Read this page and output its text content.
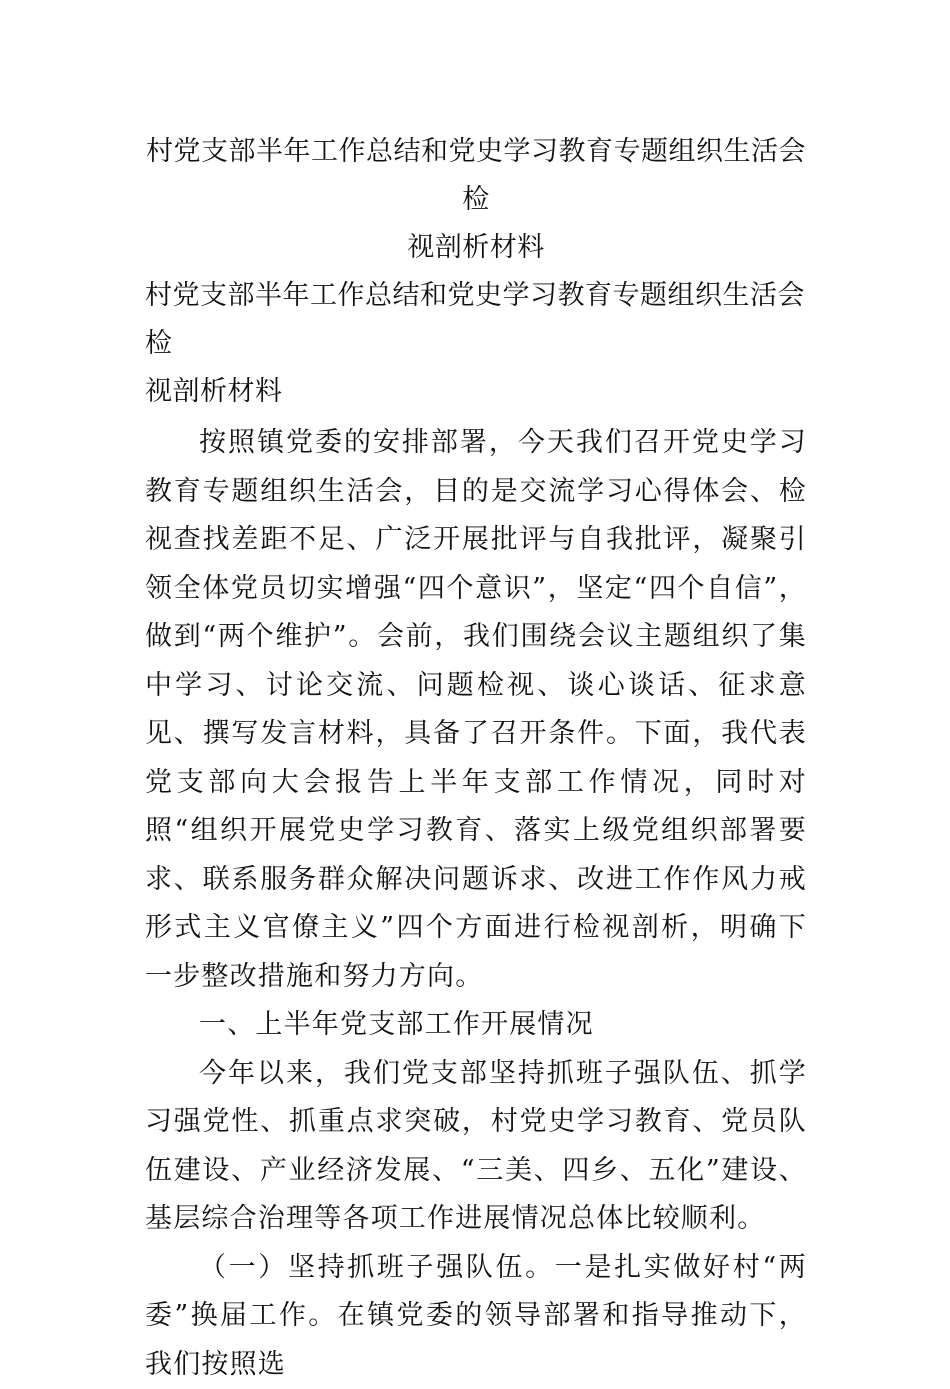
村党支部半年工作总结和党史学习教育专题组织生活会检
视剖析材料

村党支部半年工作总结和党史学习教育专题组织生活会检
视剖析材料

按照镇党委的安排部署，今天我们召开党史学习教育专题组织生活会，目的是交流学习心得体会、检视查找差距不足、广泛开展批评与自我批评，凝聚引领全体党员切实增强“四个意识”，坚定“四个自信”，做到“两个维护”。会前，我们围绕会议主题组织了集中学习、讨论交流、问题检视、谈心谈话、征求意见、撰写发言材料，具备了召开条件。下面，我代表党支部向大会报告上半年支部工作情况，同时对照“组织开展党史学习教育、落实上级党组织部署要求、联系服务群众解决问题诉求、改进工作作风力戒形式主义官僚主义”四个方面进行检视剖析，明确下一步整改措施和努力方向。

一、上半年党支部工作开展情况

今年以来，我们党支部坚持抓班子强队伍、抓学习强党性、抓重点求突破，村党史学习教育、党员队伍建设、产业经济发展、“三美、四乡、五化”建设、基层综合治理等各项工作进展情况总体比较顺利。

（一）坚持抓班子强队伍。一是扎实做好村“两委”换届工作。在镇党委的领导部署和指导推动下，我们按照选
